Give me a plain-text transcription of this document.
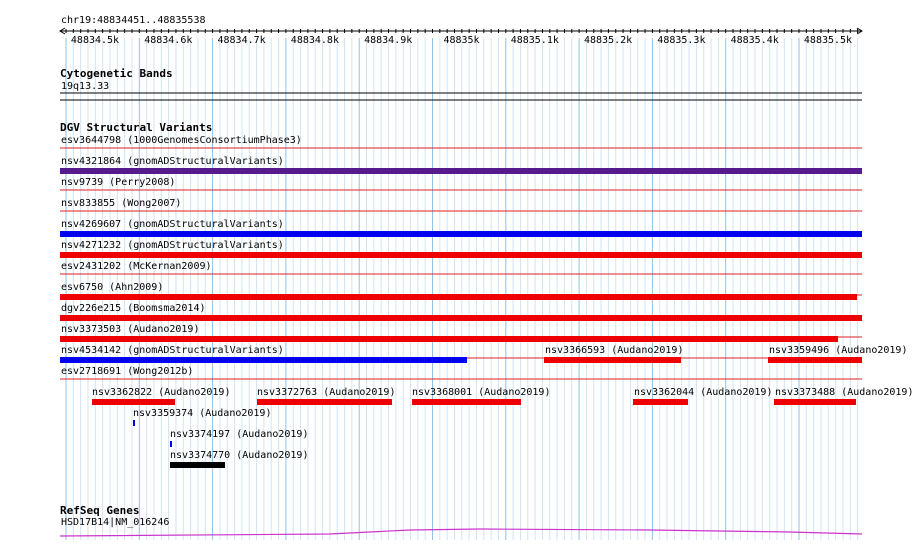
chr19:48834451..48835538
48834.5k	48834.6k	48834.7k	48834.8k	48834.9k	48835k	48835.1k	48835.2k	48835.3k	48835.4k	48835.5k
Cytogenetic Bands
19q13.33
DGV Structural Variants
esv3644798 (1000GenomesConsortiumPhase3)
nsv4321864 (gnomADStructuralVariants)
nsv9739 (Perry2008)
nsv833855 (Wong2007)
nsv4269607 (gnomADStructuralVariants)
nsv4271232 (gnomADStructuralVariants)
esv2431202 (McKernan2009)
esv6750 (Ahn2009)
dgv226e215 (Boomsma2014)
nsv3373503 (Audano2019)
nsv4534142 (gnomADStructuralVariants)
esv2718691 (Wong2012b)
nsv3366593 (Audano2019)	nsv3359496 (Audano2019)
nsv3362822 (Audano2019)	nsv3372763 (Audano2019) nsv3368001 (Audano2019)	nsv3362044 (Audano2019) nsv3373488 (Audano2019)
nsv3359374 (Audano2019)
nsv3374197 (Audano2019)
nsv3374770 (Audano2019)
RefSeq Genes
HSD17B14|NM_016246
